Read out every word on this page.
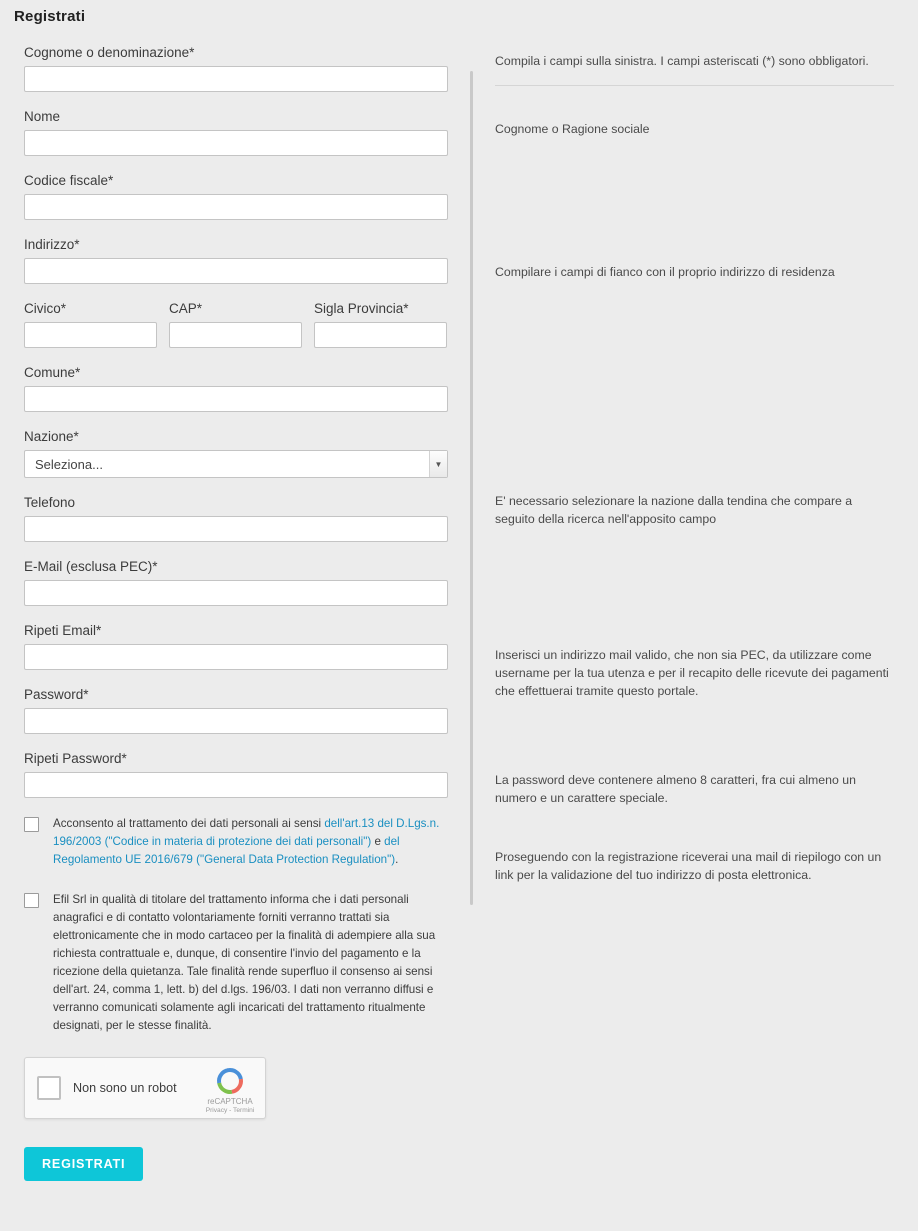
Registrati
Cognome o denominazione*
Nome
Codice fiscale*
Indirizzo*
Civico*	CAP*	Sigla Provincia*
Comune*
Nazione*
Seleziona...
▼
Telefono
E-Mail (esclusa PEC)*
Ripeti Email*
Password*
Ripeti Password*
Acconsento al trattamento dei dati personali ai sensi dell'art.13 del D.Lgs.n. 196/2003 ("Codice in materia di protezione dei dati personali") e del Regolamento UE 2016/679 ("General Data Protection Regulation").
Efil Srl in qualità di titolare del trattamento informa che i dati personali anagrafici e di contatto volontariamente forniti verranno trattati sia elettronicamente che in modo cartaceo per la finalità di adempiere alla sua richiesta contrattuale e, dunque, di consentire l'invio del pagamento e la ricezione della quietanza. Tale finalità rende superfluo il consenso ai sensi dell'art. 24, comma 1, lett. b) del d.lgs. 196/03. I dati non verranno diffusi e verranno comunicati solamente agli incaricati del trattamento ritualmente designati, per le stesse finalità.
Non sono un robot
reCAPTCHA
Privacy - Termini
REGISTRATI
Compila i campi sulla sinistra. I campi asteriscati (*) sono obbligatori.
Cognome o Ragione sociale
Compilare i campi di fianco con il proprio indirizzo di residenza
E' necessario selezionare la nazione dalla tendina che compare a seguito della ricerca nell'apposito campo
Inserisci un indirizzo mail valido, che non sia PEC, da utilizzare come username per la tua utenza e per il recapito delle ricevute dei pagamenti che effettuerai tramite questo portale.
La password deve contenere almeno 8 caratteri, fra cui almeno un numero e un carattere speciale.
Proseguendo con la registrazione riceverai una mail di riepilogo con un link per la validazione del tuo indirizzo di posta elettronica.
